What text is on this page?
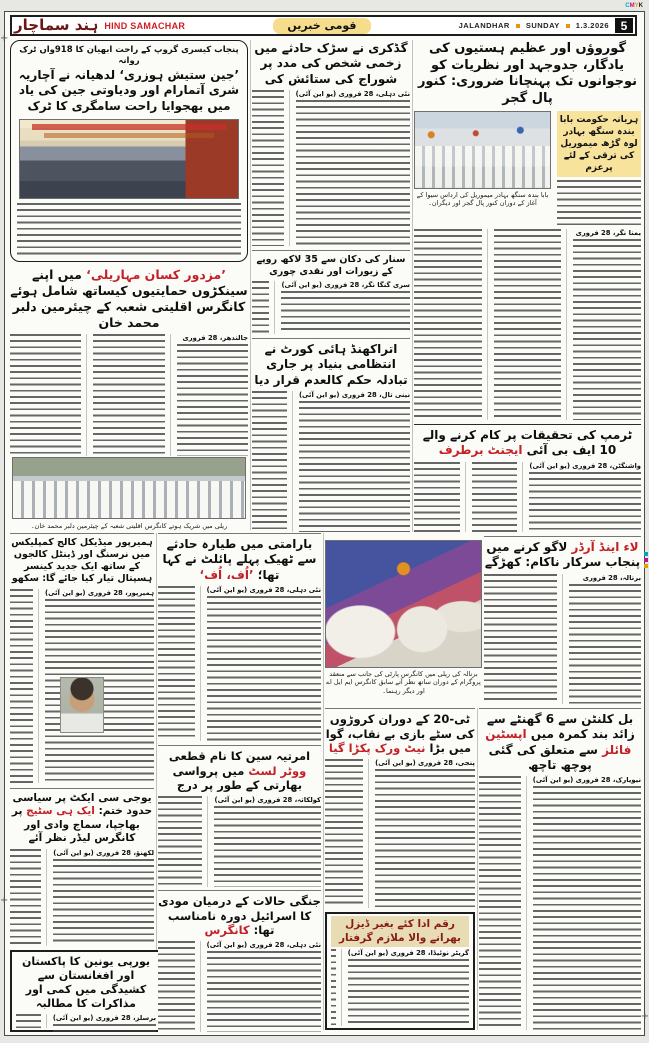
CMYK
+
+
+
5
1.3.2026
SUNDAY
JALANDHAR
قومی خبریں
HIND SAMACHAR
ہند سماچار
پنجاب کیسری گروپ کے راحت ابھیان کا 918واں ٹرک روانہ
’جین ستیش ہوزری‘ لدھیانہ نے آچاریہ شری آتمارام اور ودیاوتی جین کی یاد میں بھجوایا راحت سامگری کا ٹرک
’مزدور کسان مہاریلی‘ میں اپنے سینکڑوں حمایتیوں کیساتھ شامل ہوئے کانگرس اقلیتی شعبہ کے چیئرمین دلبر محمد خان
جالندھر، 28 فروری
ریلی میں شریک ہوتے کانگرس اقلیتی شعبہ کے چیئرمین دلبر محمد خان۔
گڈکری نے سڑک حادثے میں زخمی شخص کی مدد پر شوراج کی ستائش کی
نئی دہلی، 28 فروری (یو این آئی)
سنار کی دکان سے 35 لاکھ روپے کے زیورات اور نقدی چوری
سری گنگا نگر، 28 فروری (یو این آئی)
اتراکھنڈ ہائی کورٹ نے انتظامی بنیاد پر جاری تبادلہ حکم کالعدم قرار دیا
نینی تال، 28 فروری (یو این آئی)
گوروؤں اور عظیم ہستیوں کی یادگار، جدوجہد اور نظریات کو نوجوانوں تک پہنچانا ضروری: کنور پال گجر
ہریانہ حکومت بابا بندہ سنگھ بہادر لوہ گڑھ میموریل کی ترقی کے لئے پرعزم
بابا بندہ سنگھ بہادر میموریل کی ارداس سیوا کے آغاز کے دوران کنور پال گجر اور دیگران۔
یمنا نگر، 28 فروری
ٹرمپ کی تحقیقات پر کام کرنے والے 10 ایف بی آئی ایجنٹ برطرف
واشنگٹن، 28 فروری (یو این آئی)
لاء اینڈ آرڈر لاگو کرنے میں پنجاب سرکار ناکام: کھڑگے
برنالہ، 28 فروری
برنالہ کی ریلی میں کانگرس پارٹی کی جانب سے منعقد پروگرام کے دوران ساتھ نظر آتے سابق کانگرس ایم ایل اے اور دیگر رہنما۔
بارامتی میں طیارہ حادثے سے ٹھیک پہلے پائلٹ نے کہا تھا؛ ’اُف، اُف‘
نئی دہلی، 28 فروری (یو این آئی)
ہمیرپور میڈیکل کالج کمپلیکس میں نرسنگ اور ڈینٹل کالجوں کے ساتھ ایک جدید کینسر ہسپتال تیار کیا جائے گا: سکھو
ہمیرپور، 28 فروری (یو این آئی)
یوجی سی ایکٹ پر سیاسی حدود ختم: ایک ہی سٹیج پر بھاجپا، سماج وادی اور کانگرس لیڈر نظر آئے
لکھنؤ، 28 فروری (یو این آئی)
یورپی یونین کا پاکستان اور افغانستان سے کشیدگی میں کمی اور مذاکرات کا مطالبہ
برسلز، 28 فروری (یو این آئی)
ٹی-20 کے دوران کروڑوں کی سٹے بازی بے نقاب، گوا میں بڑا نیٹ ورک پکڑا گیا
پنجی، 28 فروری (یو این آئی)
رقم ادا کئے بغیر ڈیزل بھرانے والا ملازم گرفتار
گریٹر نوئیڈا، 28 فروری (یو این آئی)
بل کلنٹن سے 6 گھنٹے سے زائد بند کمرہ میں اپسٹین فائلز سے متعلق کی گئی پوچھ تاچھ
نیویارک، 28 فروری (یو این آئی)
امرتیہ سین کا نام قطعی ووٹر لسٹ میں پرواسی بھارتی کے طور پر درج
کولکاتہ، 28 فروری (یو این آئی)
جنگی حالات کے درمیان مودی کا اسرائیل دورہ نامناسب تھا: کانگرس
نئی دہلی، 28 فروری (یو این آئی)
